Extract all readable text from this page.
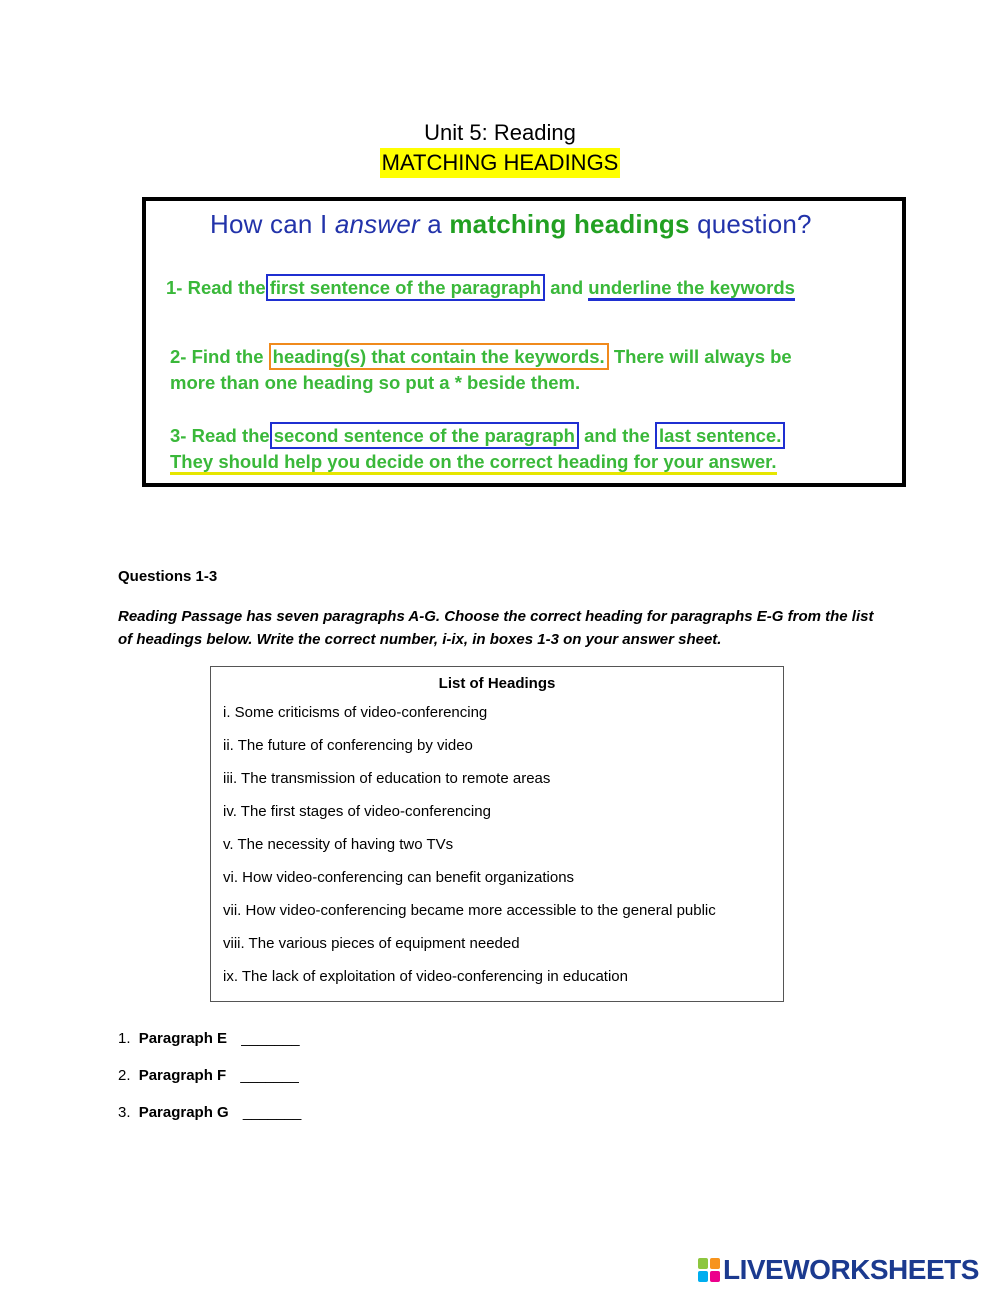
Unit 5: Reading
MATCHING HEADINGS
How can I answer a matching headings question?
1- Read the first sentence of the paragraph and underline the keywords
2- Find the heading(s) that contain the keywords. There will always be
more than one heading so put a * beside them.
3- Read the second sentence of the paragraph and the last sentence.
They should help you decide on the correct heading for your answer.
Questions 1-3
Reading Passage has seven paragraphs A-G. Choose the correct heading for paragraphs E-G from the list of headings below. Write the correct number, i-ix, in boxes 1-3 on your answer sheet.
List of Headings
i. Some criticisms of video-conferencing
ii. The future of conferencing by video
iii. The transmission of education to remote areas
iv. The first stages of video-conferencing
v. The necessity of having two TVs
vi. How video-conferencing can benefit organizations
vii. How video-conferencing became more accessible to the general public
viii. The various pieces of equipment needed
ix. The lack of exploitation of video-conferencing in education
1. Paragraph E _______
2. Paragraph F _______
3. Paragraph G _______
LIVEWORKSHEETS
